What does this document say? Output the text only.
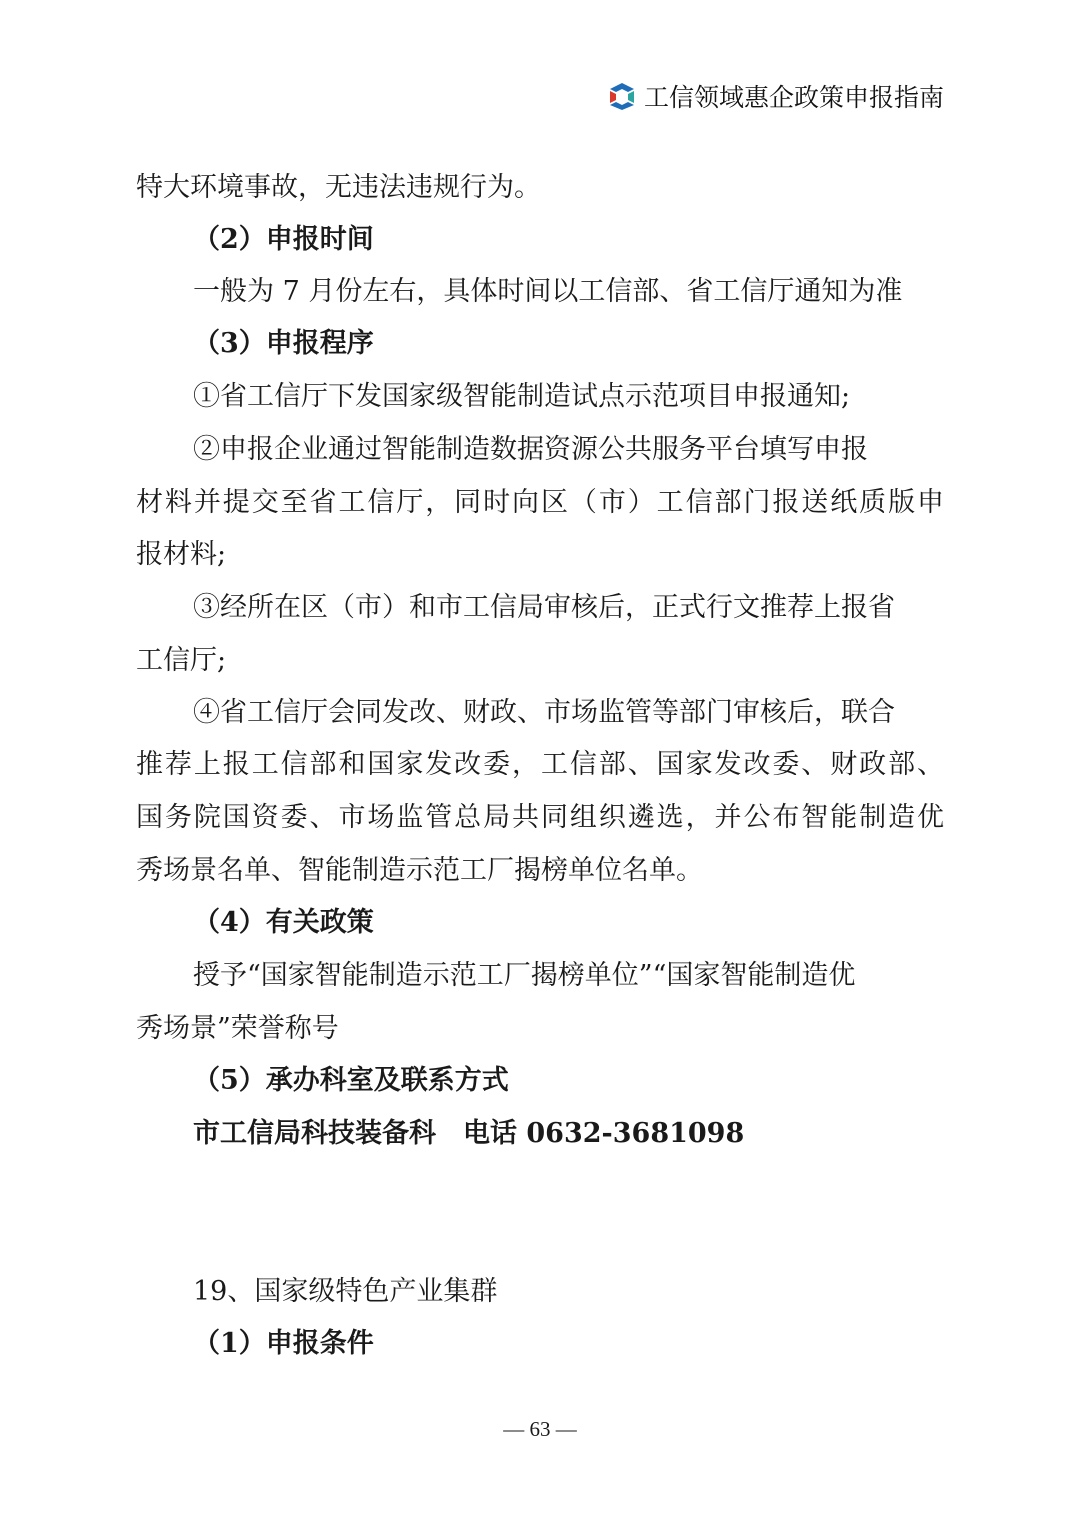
工信领域惠企政策申报指南

特大环境事故，无违法违规行为。

（2）申报时间

一般为 7 月份左右，具体时间以工信部、省工信厅通知为准

（3）申报程序

①省工信厅下发国家级智能制造试点示范项目申报通知;

②申报企业通过智能制造数据资源公共服务平台填写申报

材料并提交至省工信厅，同时向区（市）工信部门报送纸质版申

报材料;

③经所在区（市）和市工信局审核后，正式行文推荐上报省

工信厅;

④省工信厅会同发改、财政、市场监管等部门审核后，联合

推荐上报工信部和国家发改委，工信部、国家发改委、财政部、

国务院国资委、市场监管总局共同组织遴选，并公布智能制造优

秀场景名单、智能制造示范工厂揭榜单位名单。

（4）有关政策

授予“国家智能制造示范工厂揭榜单位”“国家智能制造优

秀场景”荣誉称号

（5）承办科室及联系方式

市工信局科技装备科　电话 0632-3681098

19、国家级特色产业集群

（1）申报条件

— 63 —
